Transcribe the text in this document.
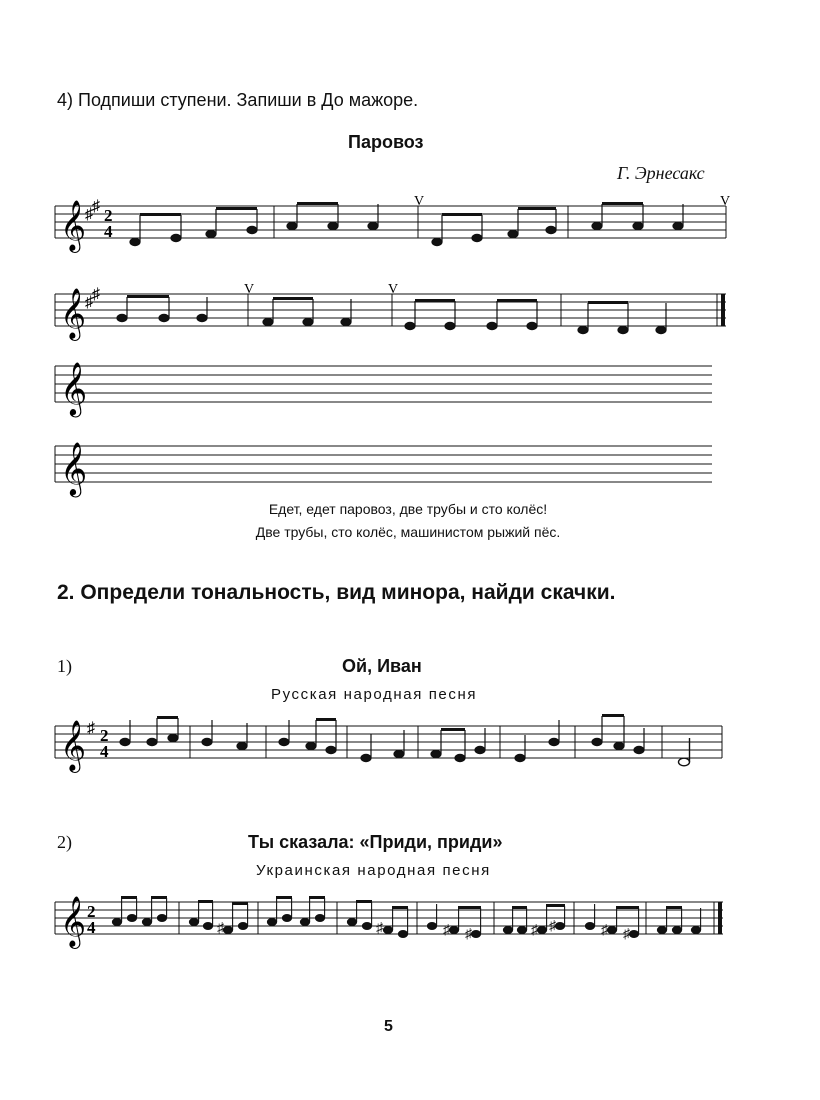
4) Подпиши ступени. Запиши в До мажоре.
Паровоз
Г. Эрнесакс
𝄞
♯ ♯ 2
4
V	V
𝄞
♯ ♯	V	V
𝄞
𝄞
Едет, едет паровоз, две трубы и сто колёс!
Две трубы, сто колёс, машинистом рыжий пёс.
2. Определи тональность, вид минора, найди скачки.
1)	Ой, Иван
Русская народная песня
𝄞 ♯ 2
4
2)	Ты сказала: «Приди, приди»
Украинская народная песня
𝄞 2
4	♯	♯	♯ ♯	♯ ♯	♯ ♯
5
